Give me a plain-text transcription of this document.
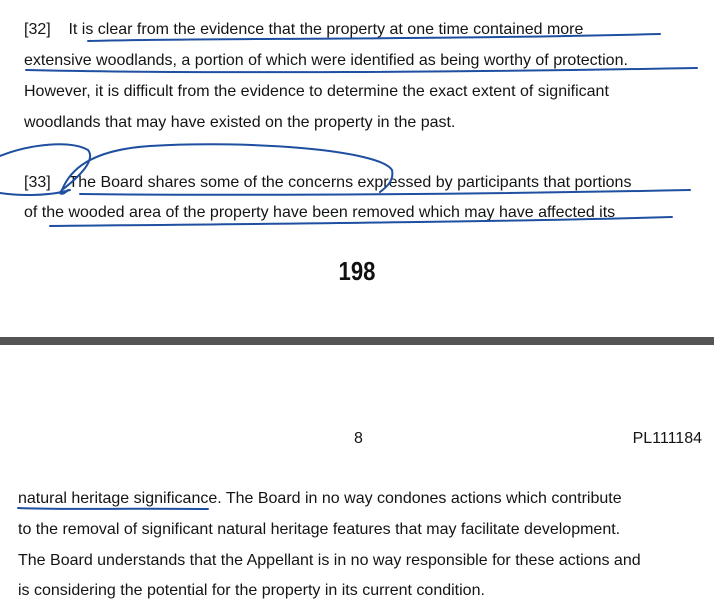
[32] It is clear from the evidence that the property at one time contained more
extensive woodlands, a portion of which were identified as being worthy of protection.
However, it is difficult from the evidence to determine the exact extent of significant
woodlands that may have existed on the property in the past.
[33] The Board shares some of the concerns expressed by participants that portions
of the wooded area of the property have been removed which may have affected its
198
8	PL111184
natural heritage significance. The Board in no way condones actions which contribute
to the removal of significant natural heritage features that may facilitate development.
The Board understands that the Appellant is in no way responsible for these actions and
is considering the potential for the property in its current condition.
